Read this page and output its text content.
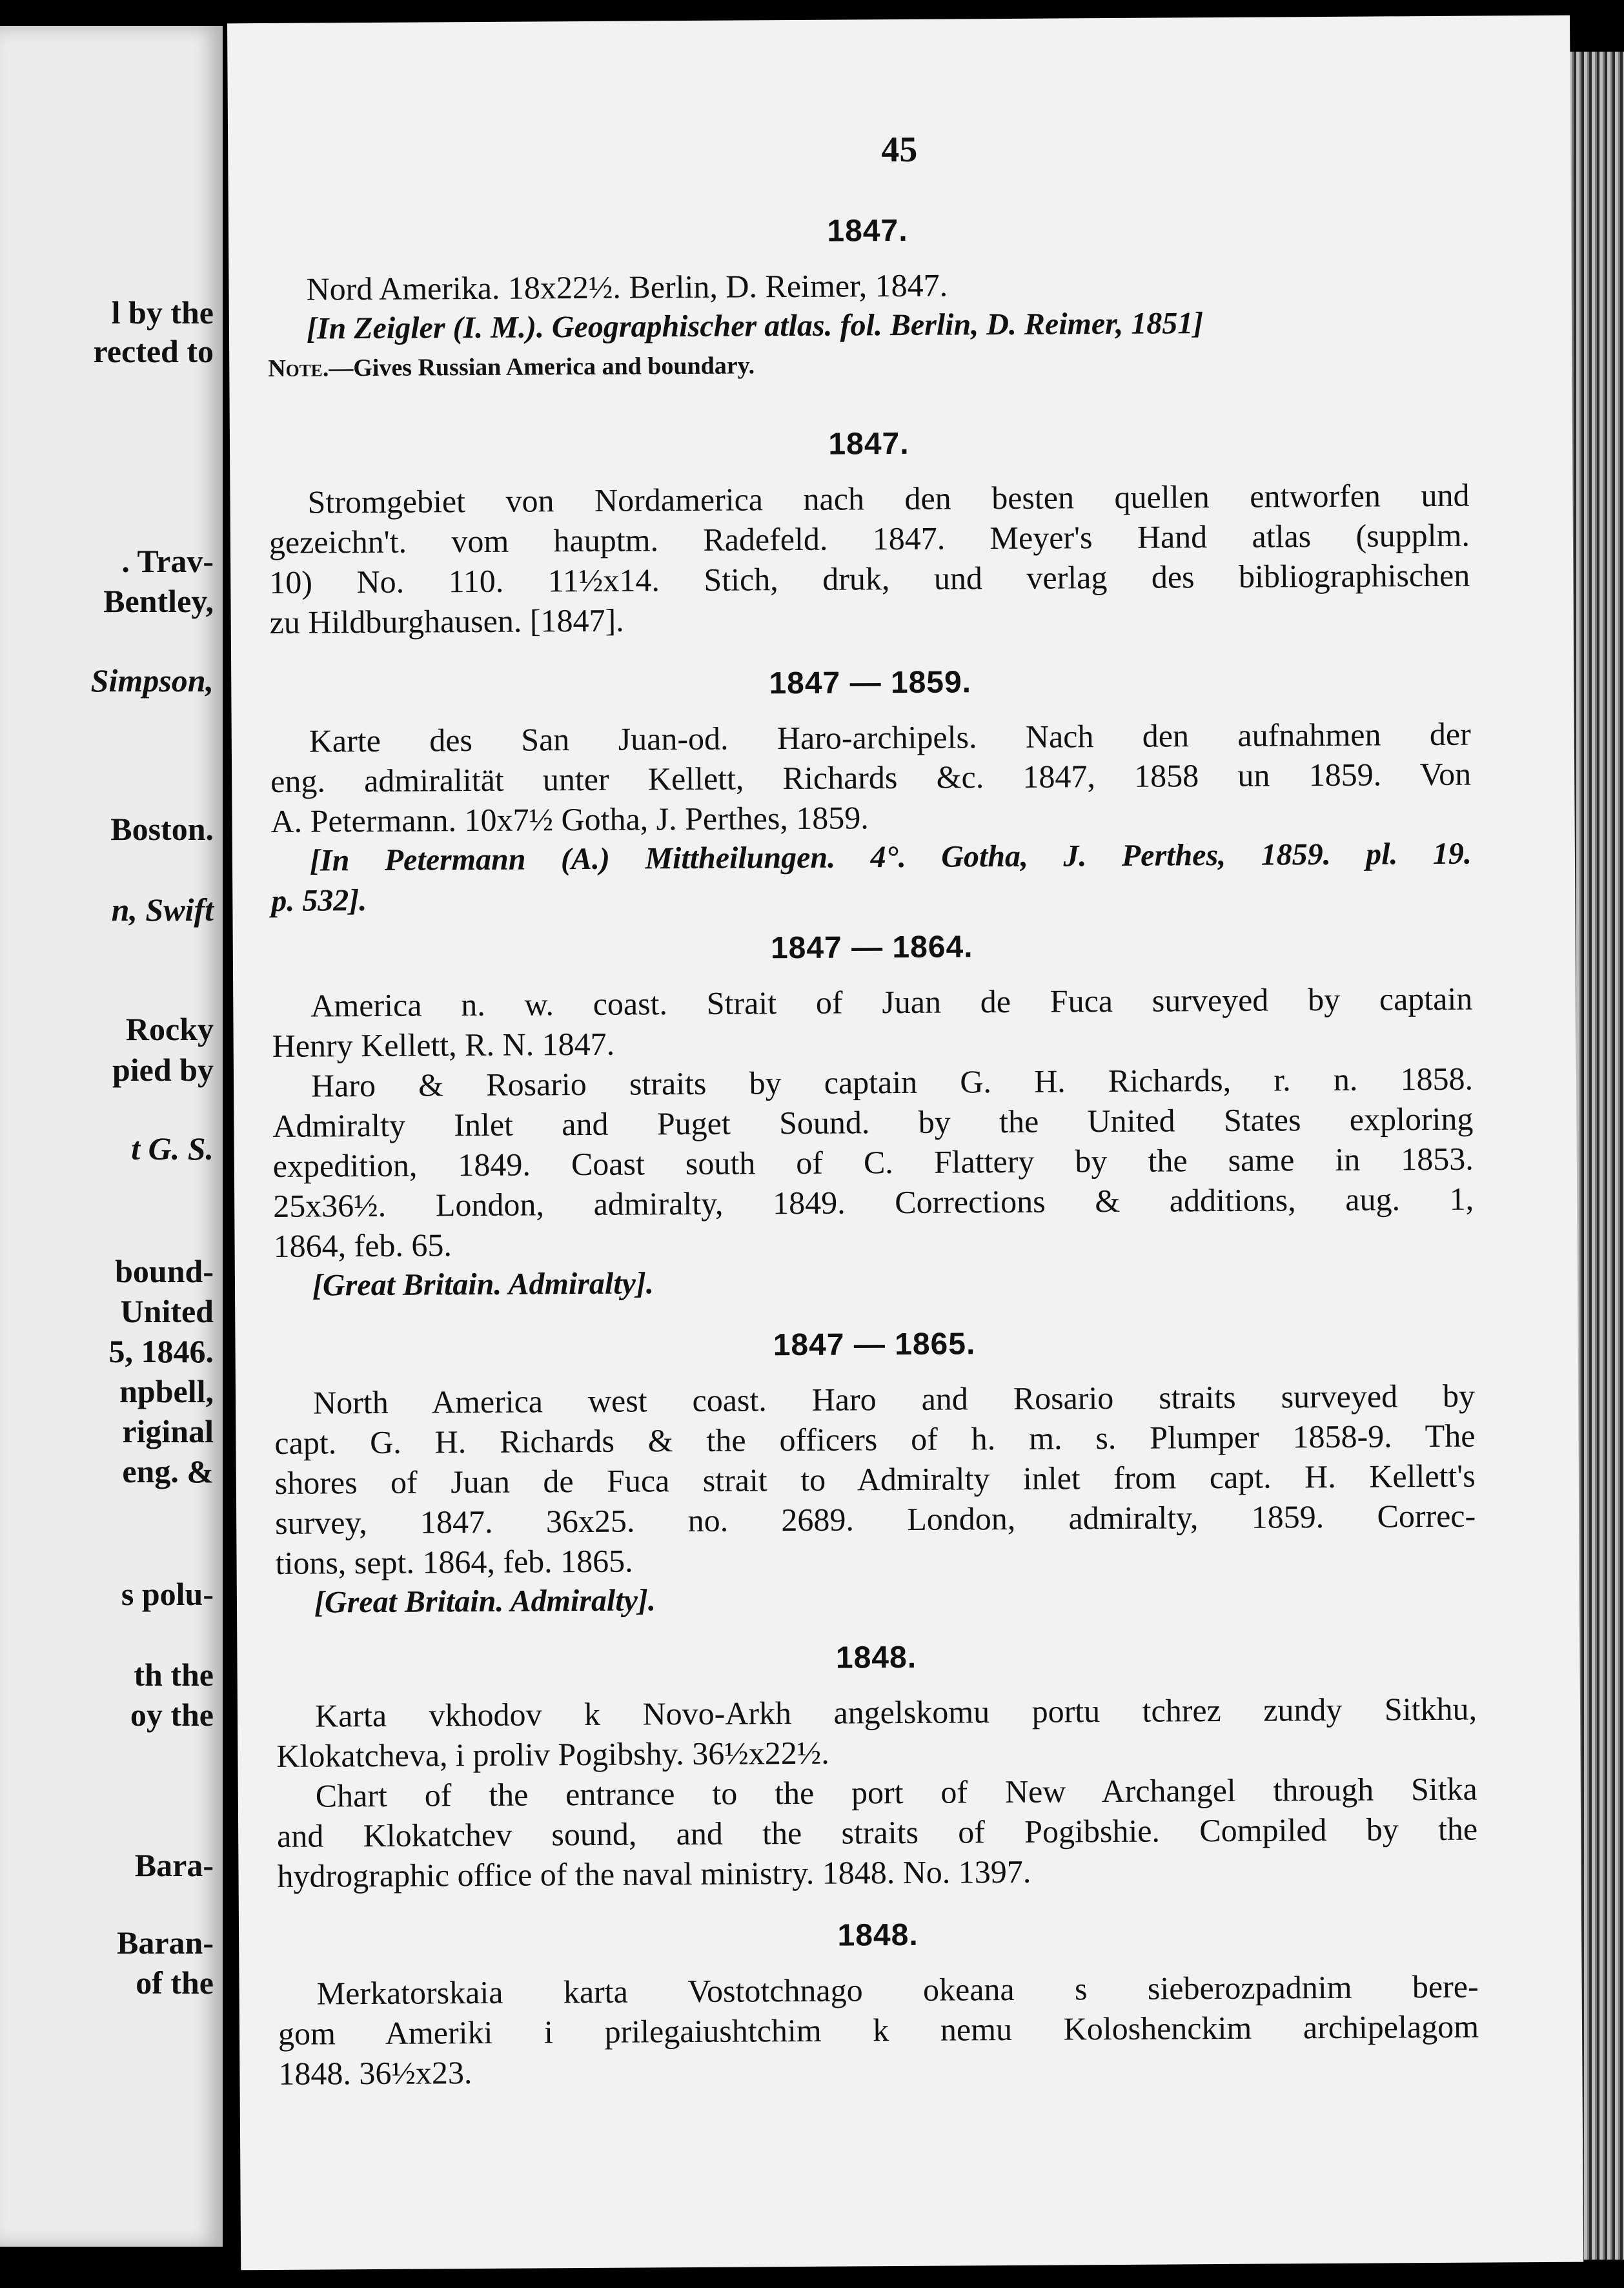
l by the
rected to
. Trav-
Bentley,
Simpson,
Boston.
n, Swift
Rocky
pied by
t G. S.
bound-
United
5, 1846.
npbell,
riginal
eng. &
s polu-
th the
oy the
Bara-
Baran-
of the
45
1847.
Nord Amerika. 18x22½. Berlin, D. Reimer, 1847.
[In Zeigler (I. M.). Geographischer atlas. fol. Berlin, D. Reimer, 1851]
Note.—Gives Russian America and boundary.
1847.
Stromgebiet von Nordamerica nach den besten quellen entworfen und
gezeichn't. vom hauptm. Radefeld. 1847. Meyer's Hand atlas (supplm.
10) No. 110. 11½x14. Stich, druk, und verlag des bibliographischen
zu Hildburghausen. [1847].
1847 — 1859.
Karte des San Juan-od. Haro-archipels. Nach den aufnahmen der
eng. admiralität unter Kellett, Richards &c. 1847, 1858 un 1859. Von
A. Petermann. 10x7½ Gotha, J. Perthes, 1859.
[In Petermann (A.) Mittheilungen. 4°. Gotha, J. Perthes, 1859. pl. 19.
p. 532].
1847 — 1864.
America n. w. coast. Strait of Juan de Fuca surveyed by captain
Henry Kellett, R. N. 1847.
Haro & Rosario straits by captain G. H. Richards, r. n. 1858.
Admiralty Inlet and Puget Sound. by the United States exploring
expedition, 1849. Coast south of C. Flattery by the same in 1853.
25x36½. London, admiralty, 1849. Corrections & additions, aug. 1,
1864, feb. 65.
[Great Britain. Admiralty].
1847 — 1865.
North America west coast. Haro and Rosario straits surveyed by
capt. G. H. Richards & the officers of h. m. s. Plumper 1858-9. The
shores of Juan de Fuca strait to Admiralty inlet from capt. H. Kellett's
survey, 1847. 36x25. no. 2689. London, admiralty, 1859. Correc-
tions, sept. 1864, feb. 1865.
[Great Britain. Admiralty].
1848.
Karta vkhodov k Novo-Arkh angelskomu portu tchrez zundy Sitkhu,
Klokatcheva, i proliv Pogibshy. 36½x22½.
Chart of the entrance to the port of New Archangel through Sitka
and Klokatchev sound, and the straits of Pogibshie. Compiled by the
hydrographic office of the naval ministry. 1848. No. 1397.
1848.
Merkatorskaia karta Vostotchnago okeana s sieberozpadnim bere-
gom Ameriki i prilegaiushtchim k nemu Koloshenckim archipelagom
1848. 36½x23.
